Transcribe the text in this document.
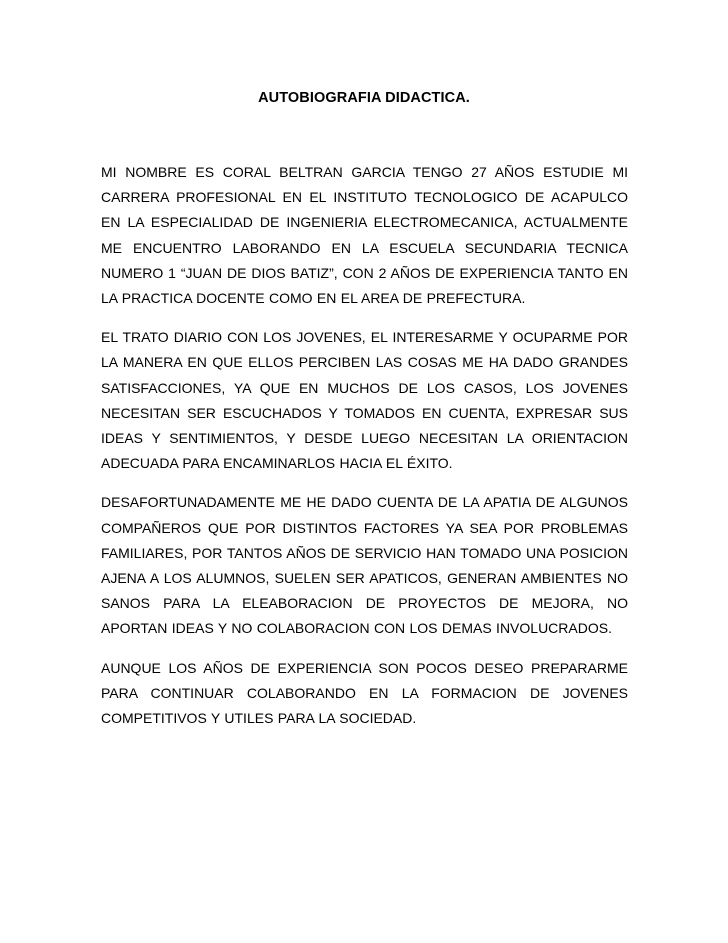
AUTOBIOGRAFIA DIDACTICA.

MI NOMBRE ES CORAL BELTRAN GARCIA TENGO 27 AÑOS ESTUDIE MI CARRERA PROFESIONAL EN EL INSTITUTO TECNOLOGICO DE ACAPULCO EN LA ESPECIALIDAD DE INGENIERIA ELECTROMECANICA, ACTUALMENTE ME ENCUENTRO LABORANDO EN LA ESCUELA SECUNDARIA TECNICA NUMERO 1 “JUAN DE DIOS BATIZ”, CON 2 AÑOS DE EXPERIENCIA TANTO EN LA PRACTICA DOCENTE COMO EN EL AREA DE PREFECTURA.

EL TRATO DIARIO CON LOS JOVENES, EL INTERESARME Y OCUPARME POR LA MANERA EN QUE ELLOS PERCIBEN LAS COSAS ME HA DADO GRANDES SATISFACCIONES, YA QUE EN MUCHOS DE LOS CASOS, LOS JOVENES NECESITAN SER ESCUCHADOS Y TOMADOS EN CUENTA, EXPRESAR SUS IDEAS Y SENTIMIENTOS, Y DESDE LUEGO NECESITAN LA ORIENTACION ADECUADA PARA ENCAMINARLOS HACIA EL ÉXITO.

DESAFORTUNADAMENTE ME HE DADO CUENTA DE LA APATIA DE ALGUNOS COMPAÑEROS QUE POR DISTINTOS FACTORES YA SEA POR PROBLEMAS FAMILIARES, POR TANTOS AÑOS DE SERVICIO HAN TOMADO UNA POSICION AJENA A LOS ALUMNOS, SUELEN SER APATICOS, GENERAN AMBIENTES NO SANOS PARA LA ELEABORACION DE PROYECTOS DE MEJORA, NO APORTAN IDEAS Y NO COLABORACION CON LOS DEMAS INVOLUCRADOS.

AUNQUE LOS AÑOS DE EXPERIENCIA SON POCOS DESEO PREPARARME PARA CONTINUAR COLABORANDO EN LA FORMACION DE JOVENES COMPETITIVOS Y UTILES PARA LA SOCIEDAD.
